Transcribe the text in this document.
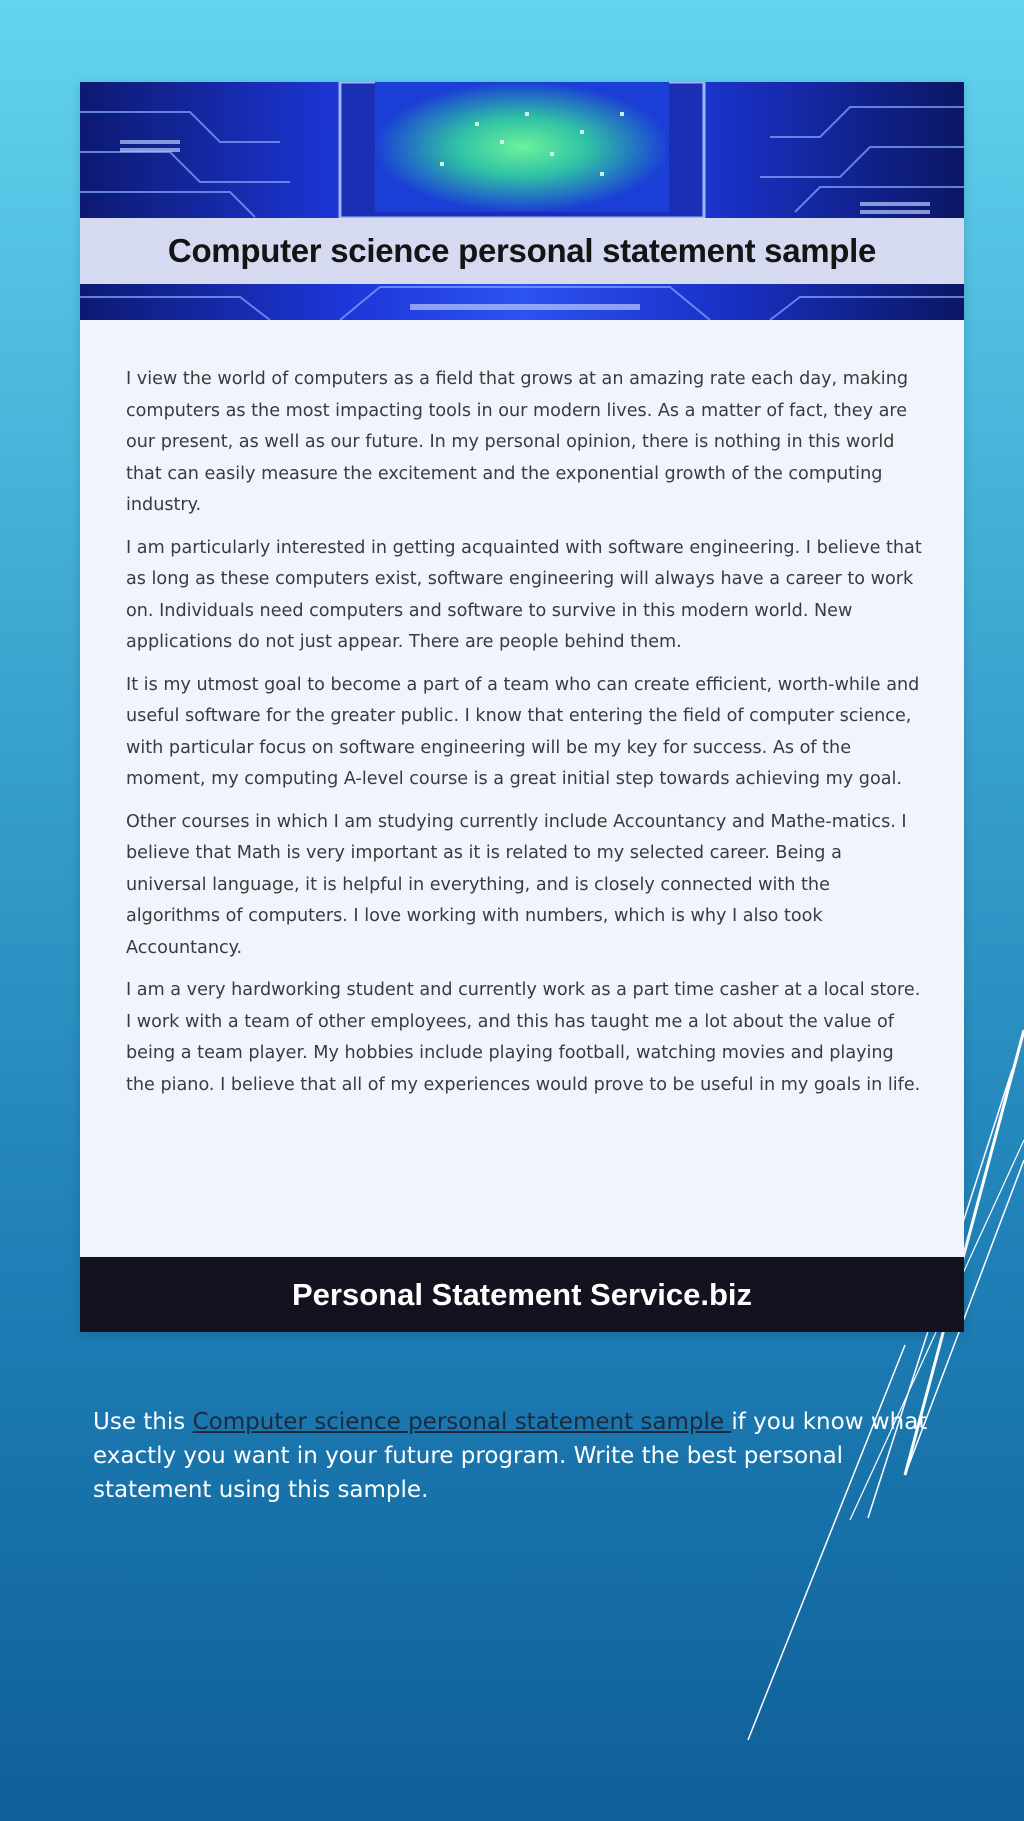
Computer science personal statement sample

I view the world of computers as a field that grows at an amazing rate each day, making computers as the most impacting tools in our modern lives. As a matter of fact, they are our present, as well as our future. In my personal opinion, there is nothing in this world that can easily measure the excitement and the exponential growth of the computing industry.

I am particularly interested in getting acquainted with software engineering. I believe that as long as these computers exist, software engineering will always have a career to work on. Individuals need computers and software to survive in this modern world. New applications do not just appear. There are people behind them.

It is my utmost goal to become a part of a team who can create efficient, worth-while and useful software for the greater public. I know that entering the field of computer science, with particular focus on software engineering will be my key for success. As of the moment, my computing A-level course is a great initial step towards achieving my goal.

Other courses in which I am studying currently include Accountancy and Mathe-matics. I believe that Math is very important as it is related to my selected career. Being a universal language, it is helpful in everything, and is closely connected with the algorithms of computers. I love working with numbers, which is why I also took Accountancy.

I am a very hardworking student and currently work as a part time casher at a local store. I work with a team of other employees, and this has taught me a lot about the value of being a team player. My hobbies include playing football, watching movies and playing the piano. I believe that all of my experiences would prove to be useful in my goals in life.

Personal Statement Service.biz
Use this Computer science personal statement sample if you know what exactly you want in your future program. Write the best personal statement using this sample.
